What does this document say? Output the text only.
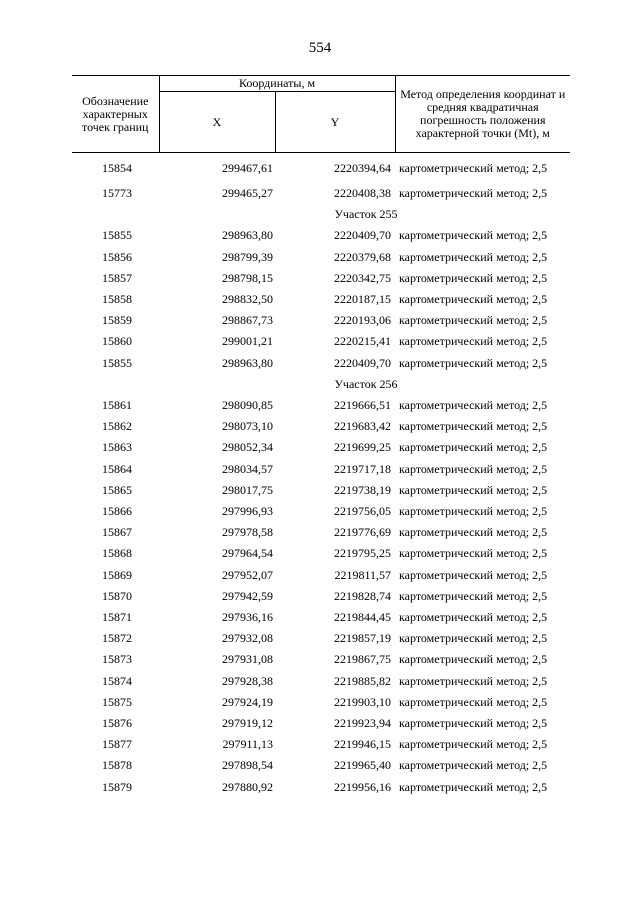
554
Обозначение характерных точек границ	Координаты, м		Метод определения координат и средняя квадратичная погрешность положения характерной точки (Mt), м
	X	Y	
15854	299467,61	2220394,64	картометрический метод; 2,5
15773	299465,27	2220408,38	картометрический метод; 2,5
Участок 255			
15855	298963,80	2220409,70	картометрический метод; 2,5
15856	298799,39	2220379,68	картометрический метод; 2,5
15857	298798,15	2220342,75	картометрический метод; 2,5
15858	298832,50	2220187,15	картометрический метод; 2,5
15859	298867,73	2220193,06	картометрический метод; 2,5
15860	299001,21	2220215,41	картометрический метод; 2,5
15855	298963,80	2220409,70	картометрический метод; 2,5
Участок 256			
15861	298090,85	2219666,51	картометрический метод; 2,5
15862	298073,10	2219683,42	картометрический метод; 2,5
15863	298052,34	2219699,25	картометрический метод; 2,5
15864	298034,57	2219717,18	картометрический метод; 2,5
15865	298017,75	2219738,19	картометрический метод; 2,5
15866	297996,93	2219756,05	картометрический метод; 2,5
15867	297978,58	2219776,69	картометрический метод; 2,5
15868	297964,54	2219795,25	картометрический метод; 2,5
15869	297952,07	2219811,57	картометрический метод; 2,5
15870	297942,59	2219828,74	картометрический метод; 2,5
15871	297936,16	2219844,45	картометрический метод; 2,5
15872	297932,08	2219857,19	картометрический метод; 2,5
15873	297931,08	2219867,75	картометрический метод; 2,5
15874	297928,38	2219885,82	картометрический метод; 2,5
15875	297924,19	2219903,10	картометрический метод; 2,5
15876	297919,12	2219923,94	картометрический метод; 2,5
15877	297911,13	2219946,15	картометрический метод; 2,5
15878	297898,54	2219965,40	картометрический метод; 2,5
15879	297880,92	2219956,16	картометрический метод; 2,5
